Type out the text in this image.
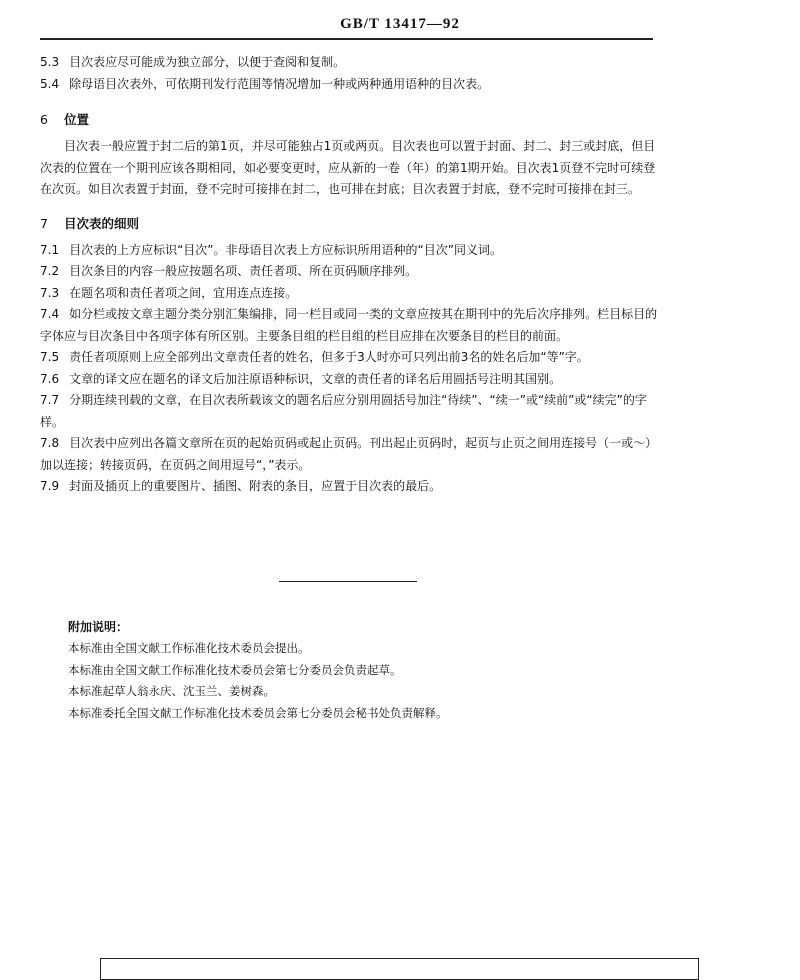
GB/T 13417—92

5.3 目次表应尽可能成为独立部分，以便于查阅和复制。

5.4 除母语目次表外，可依期刊发行范围等情况增加一种或两种通用语种的目次表。

6 位置

目次表一般应置于封二后的第1页，并尽可能独占1页或两页。目次表也可以置于封面、封二、封三或封底，但目次表的位置在一个期刊应该各期相同，如必要变更时，应从新的一卷（年）的第1期开始。目次表1页登不完时可续登在次页。如目次表置于封面，登不完时可接排在封二，也可排在封底；目次表置于封底，登不完时可接排在封三。

7 目次表的细则

7.1 目次表的上方应标识“目次”。非母语目次表上方应标识所用语种的“目次”同义词。

7.2 目次条目的内容一般应按题名项、责任者项、所在页码顺序排列。

7.3 在题名项和责任者项之间，宜用连点连接。

7.4 如分栏或按文章主题分类分别汇集编排，同一栏目或同一类的文章应按其在期刊中的先后次序排列。栏目标目的字体应与目次条目中各项字体有所区别。主要条目组的栏目组的栏目应排在次要条目的栏目的前面。

7.5 责任者项原则上应全部列出文章责任者的姓名，但多于3人时亦可只列出前3名的姓名后加“等”字。

7.6 文章的译文应在题名的译文后加注原语种标识，文章的责任者的译名后用圆括号注明其国别。

7.7 分期连续刊载的文章，在目次表所载该文的题名后应分别用圆括号加注“待续”、“续一”或“续前”或“续完”的字样。

7.8 目次表中应列出各篇文章所在页的起始页码或起止页码。刊出起止页码时，起页与止页之间用连接号（一或～）加以连接；转接页码，在页码之间用逗号“，”表示。

7.9 封面及插页上的重要图片、插图、附表的条目，应置于目次表的最后。

附加说明：
本标准由全国文献工作标准化技术委员会提出。
本标准由全国文献工作标准化技术委员会第七分委员会负责起草。
本标准起草人翁永庆、沈玉兰、姜树森。
本标准委托全国文献工作标准化技术委员会第七分委员会秘书处负责解释。
